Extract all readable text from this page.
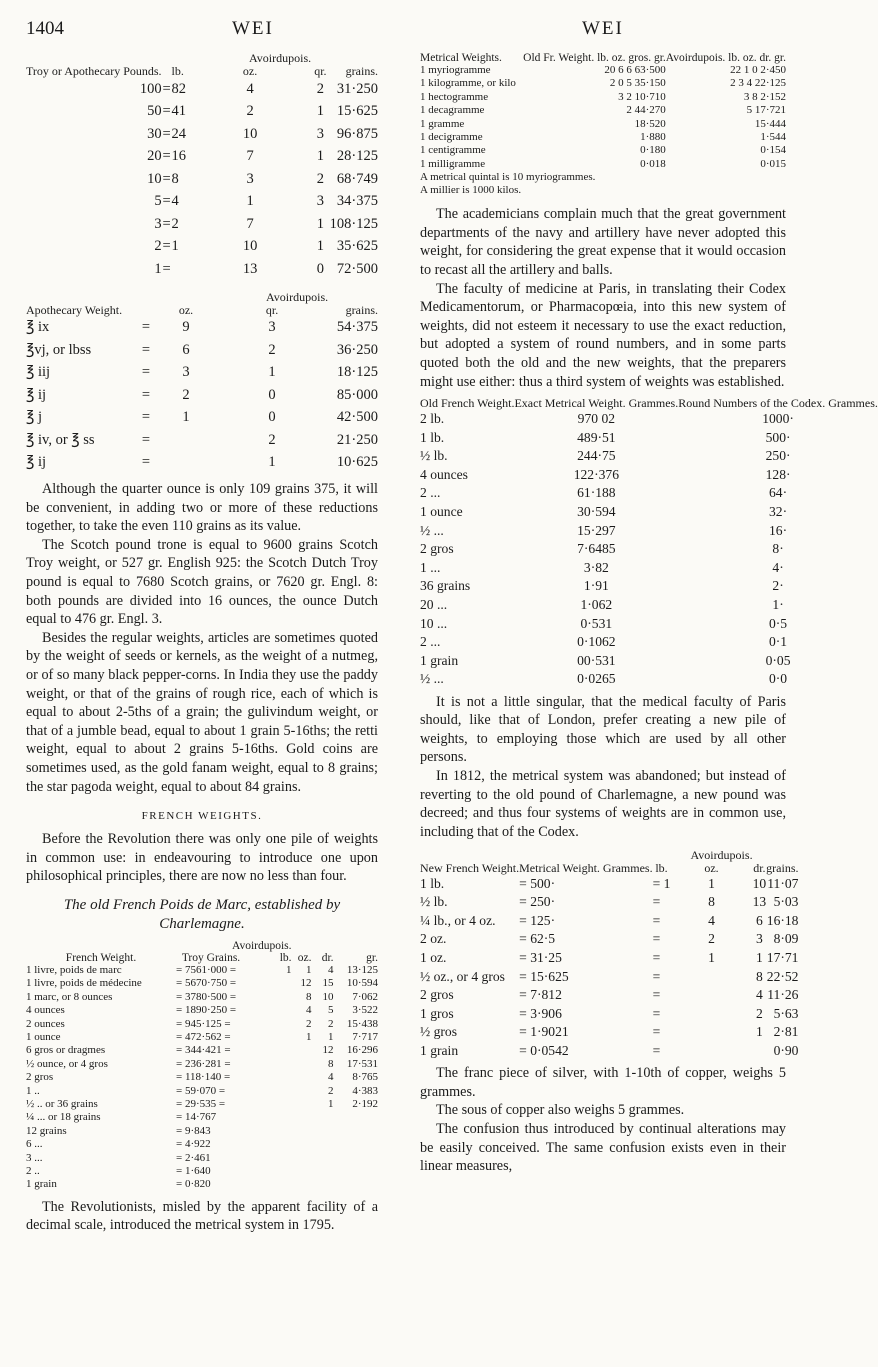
1404	WEI	WEI
Troy or Apothecary Pounds.		lb.	Avoirdupois.
oz.	qr.	grains.
100	=	82	4	2	31·250
50	=	41	2	1	15·625
30	=	24	10	3	96·875
20	=	16	7	1	28·125
10	=	8	3	2	68·749
5	=	4	1	3	34·375
3	=	2	7	1	108·125
2	=	1	10	1	35·625
1	=		13	0	72·500
Apothecary Weight.		oz.	Avoirdupois.
qr.	grains.
℥ ix	=	9	3	54·375
℥vj, or lbss	=	6	2	36·250
℥ iij	=	3	1	18·125
℥ ij	=	2	0	85·000
℥ j	=	1	0	42·500
℥ iv, or ℥ ss	=		2	21·250
℥ ij	=		1	10·625

Although the quarter ounce is only 109 grains 375, it will be convenient, in adding two or more of these reductions together, to take the even 110 grains as its value.

The Scotch pound trone is equal to 9600 grains Scotch Troy weight, or 527 gr. English 925: the Scotch Dutch Troy pound is equal to 7680 Scotch grains, or 7620 gr. Engl. 8: both pounds are divided into 16 ounces, the ounce Dutch equal to 476 gr. Engl. 3.

Besides the regular weights, articles are sometimes quoted by the weight of seeds or kernels, as the weight of a nutmeg, or of so many black pepper-corns. In India they use the paddy weight, or that of the grains of rough rice, each of which is equal to about 2-5ths of a grain; the gulivindum weight, or that of a jumble bead, equal to about 1 grain 5-16ths; the retti weight, equal to about 2 grains 5-16ths. Gold coins are sometimes used, as the gold fanam weight, equal to 8 grains; the star pagoda weight, equal to about 84 grains.

FRENCH WEIGHTS.

Before the Revolution there was only one pile of weights in common use: in endeavouring to introduce one upon philosophical principles, there are now no less than four.

The old French Poids de Marc, established by Charlemagne.
French Weight.	Troy Grains.	Avoirdupois.
lb.	oz.	dr.	gr.
1 livre, poids de marc	= 7561·000 =	1	1	4	13·125
1 livre, poids de médecine	= 5670·750 =		12	15	10·594
1 marc, or 8 ounces	= 3780·500 =		8	10	7·062
4 ounces	= 1890·250 =		4	5	3·522
2 ounces	= 945·125 =		2	2	15·438
1 ounce	= 472·562 =		1	1	7·717
6 gros or dragmes	= 344·421 =			12	16·296
½ ounce, or 4 gros	= 236·281 =			8	17·531
2 gros	= 118·140 =			4	8·765
1 ..	= 59·070 =			2	4·383
½ .. or 36 grains	= 29·535 =			1	2·192
¼ ... or 18 grains	= 14·767				
12 grains	= 9·843				
6 ...	= 4·922				
3 ...	= 2·461				
2 ..	= 1·640				
1 grain	= 0·820				

The Revolutionists, misled by the apparent facility of a decimal scale, introduced the metrical system in 1795.

Metrical Weights.	Old Fr. Weight. lb. oz. gros. gr.	Avoirdupois. lb. oz. dr. gr.
1 myriogramme	20 6 6 63·500	22 1 0 2·450
1 kilogramme, or kilo	2 0 5 35·150	2 3 4 22·125
1 hectogramme	3 2 10·710	3 8 2·152
1 decagramme	2 44·270	5 17·721
1 gramme	18·520	15·444
1 decigramme	1·880	1·544
1 centigramme	0·180	0·154
1 milligramme	0·018	0·015
A metrical quintal is 10 myriogrammes.
A millier is 1000 kilos.

The academicians complain much that the great government departments of the navy and artillery have never adopted this weight, for considering the great expense that it would occasion to recast all the artillery and balls.

The faculty of medicine at Paris, in translating their Codex Medicamentorum, or Pharmacopœia, into this new system of weights, did not esteem it necessary to use the exact reduction, but adopted a system of round numbers, and in some parts quoted both the old and the new weights, that the preparers might use either: thus a third system of weights was established.

Old French Weight.	Exact Metrical Weight. Grammes.	Round Numbers of the Codex. Grammes.
2 lb.	970 02	1000·
1 lb.	489·51	500·
½ lb.	244·75	250·
4 ounces	122·376	128·
2 ...	61·188	64·
1 ounce	30·594	32·
½ ...	15·297	16·
2 gros	7·6485	8·
1 ...	3·82	4·
36 grains	1·91	2·
20 ...	1·062	1·
10 ...	0·531	0·5
2 ...	0·1062	0·1
1 grain	00·531	0·05
½ ...	0·0265	0·0

It is not a little singular, that the medical faculty of Paris should, like that of London, prefer creating a new pile of weights, to employing those which are used by all other persons.

In 1812, the metrical system was abandoned; but instead of reverting to the old pound of Charlemagne, a new pound was decreed; and thus four systems of weights are in common use, including that of the Codex.

New French Weight.	Metrical Weight. Grammes.	lb.	Avoirdupois.
oz.	dr.	grains.
1 lb.	= 500·	= 1	1	10	11·07
½ lb.	= 250·	=	8	13	5·03
¼ lb., or 4 oz.	= 125·	=	4	6	16·18
2 oz.	= 62·5	=	2	3	8·09
1 oz.	= 31·25	=	1	1	17·71
½ oz., or 4 gros	= 15·625	=		8	22·52
2 gros	= 7·812	=		4	11·26
1 gros	= 3·906	=		2	5·63
½ gros	= 1·9021	=		1	2·81
1 grain	= 0·0542	=			0·90

The franc piece of silver, with 1-10th of copper, weighs 5 grammes.

The sous of copper also weighs 5 grammes.

The confusion thus introduced by continual alterations may be easily conceived. The same confusion exists even in their linear measures,
